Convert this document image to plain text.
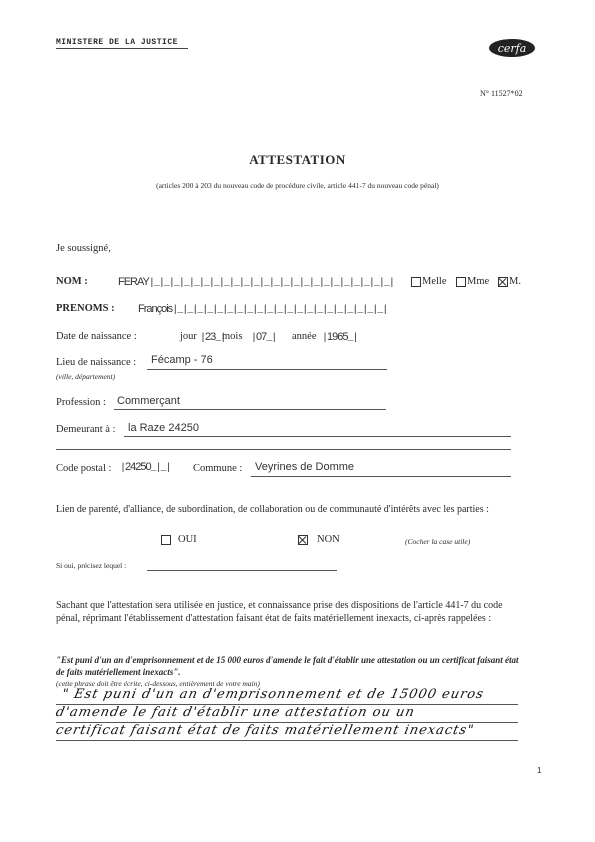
MINISTERE DE LA JUSTICE	cerfa
N° 11527*02
ATTESTATION
(articles 200 à 203 du nouveau code de procédure civile, article 441-7 du nouveau code pénal)
Je soussigné,
NOM :	FERAY|_|_|_|_|_|_|_|_|_|_|_|_|_|_|_|_|_|_|_|_|_|_|_|_|	Melle Mme M.
PRENOMS : François|_|_|_|_|_|_|_|_|_|_|_|_|_|_|_|_|_|_|_|_|_|
Date de naissance :	jour |23_|
mois |07_| année |1965_|
Lieu de naissance : Fécamp - 76
(ville, département)
Profession : Commerçant
Demeurant à : la Raze 24250
Code postal : |24250_|_| Commune : Veyrines de Domme
Lien de parenté, d'alliance, de subordination, de collaboration ou de communauté d'intérêts avec les parties :
OUI	NON	(Cocher la case utile)
Si oui, précisez lequel :
Sachant que l'attestation sera utilisée en justice, et connaissance prise des dispositions de l'article 441-7 du code pénal, réprimant l'établissement d'attestation faisant état de faits matériellement inexacts, ci-après rappelées :
"Est puni d'un an d'emprisonnement et de 15 000 euros d'amende le fait d'établir une attestation ou un certificat faisant état de faits matériellement inexacts".
(cette phrase doit être écrite, ci-dessous, entièrement de votre main)
" Est puni d'un an d'emprisonnement et de 15000 euros
d'amende le fait d'établir une attestation ou un
certificat faisant état de faits matériellement inexacts"
1
